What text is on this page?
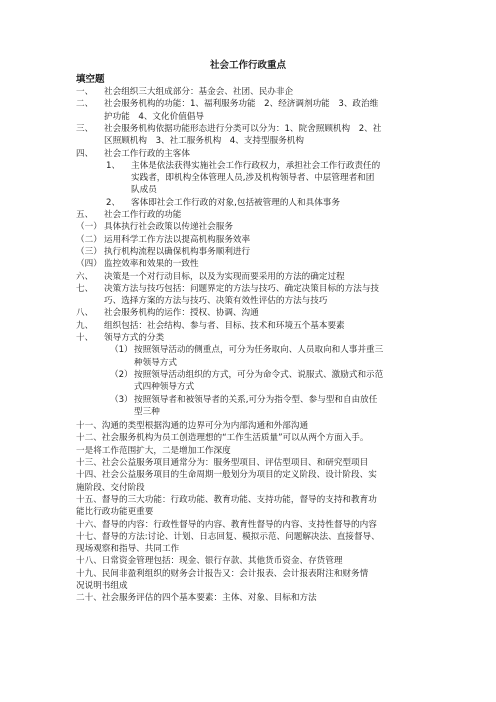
社会工作行政重点
填空题
一、 社会组织三大组成部分：基金会、社团、民办非企
二、 社会服务机构的功能：1、福利服务功能　2、经济调剂功能　3、政治维
护功能　4、文化价值倡导
三、 社会服务机构依据功能形态进行分类可以分为：1、院舍照顾机构　2、社
区照顾机构　3、社工服务机构　4、支持型服务机构
四、 社会工作行政的主客体
1、 主体是依法获得实施社会工作行政权力，承担社会工作行政责任的
实践者，即机构全体管理人员,涉及机构领导者、中层管理者和团
队成员
2、 客体即社会工作行政的对象,包括被管理的人和具体事务
五、 社会工作行政的功能
（一） 具体执行社会政策以传递社会服务
（二） 运用科学工作方法以提高机构服务效率
（三） 执行机构流程以确保机构事务顺利进行
（四） 监控效率和效果的一致性
六、 决策是一个对行动目标，以及为实现而要采用的方法的确定过程
七、 决策方法与技巧包括：问题界定的方法与技巧、确定决策目标的方法与技
巧、选择方案的方法与技巧、决策有效性评估的方法与技巧
八、 社会服务机构的运作：授权、协调、沟通
九、 组织包括：社会结构、参与者、目标、技术和环境五个基本要素
十、 领导方式的分类
（1） 按照领导活动的侧重点，可分为任务取向、人员取向和人事并重三
种领导方式
（2） 按照领导活动组织的方式，可分为命令式、说服式、激励式和示范
式四种领导方式
（3） 按照领导者和被领导者的关系,可分为指令型、参与型和自由放任
型三种
十一、沟通的类型根据沟通的边界可分为内部沟通和外部沟通
十二、社会服务机构为员工创造理想的“工作生活质量”可以从两个方面入手。
一是将工作范围扩大，二是增加工作深度
十三、社会公益服务项目通常分为：服务型项目、评估型项目、和研究型项目
十四、社会公益服务项目的生命周期一般划分为项目的定义阶段、设计阶段、实
施阶段、交付阶段
十五、督导的三大功能：行政功能、教育功能、支持功能，督导的支持和教育功
能比行政功能更重要
十六、督导的内容：行政性督导的内容、教育性督导的内容、支持性督导的内容
十七、督导的方法:讨论、计划、日志回复、模拟示范、问题解决法、直接督导、
现场观察和指导、共同工作
十八、日常资金管理包括：现金、银行存款、其他货币资金、存货管理
十九、民间非盈利组织的财务会计报告又：会计报表、会计报表附注和财务情
况说明书组成
二十、社会服务评估的四个基本要素：主体、对象、目标和方法
